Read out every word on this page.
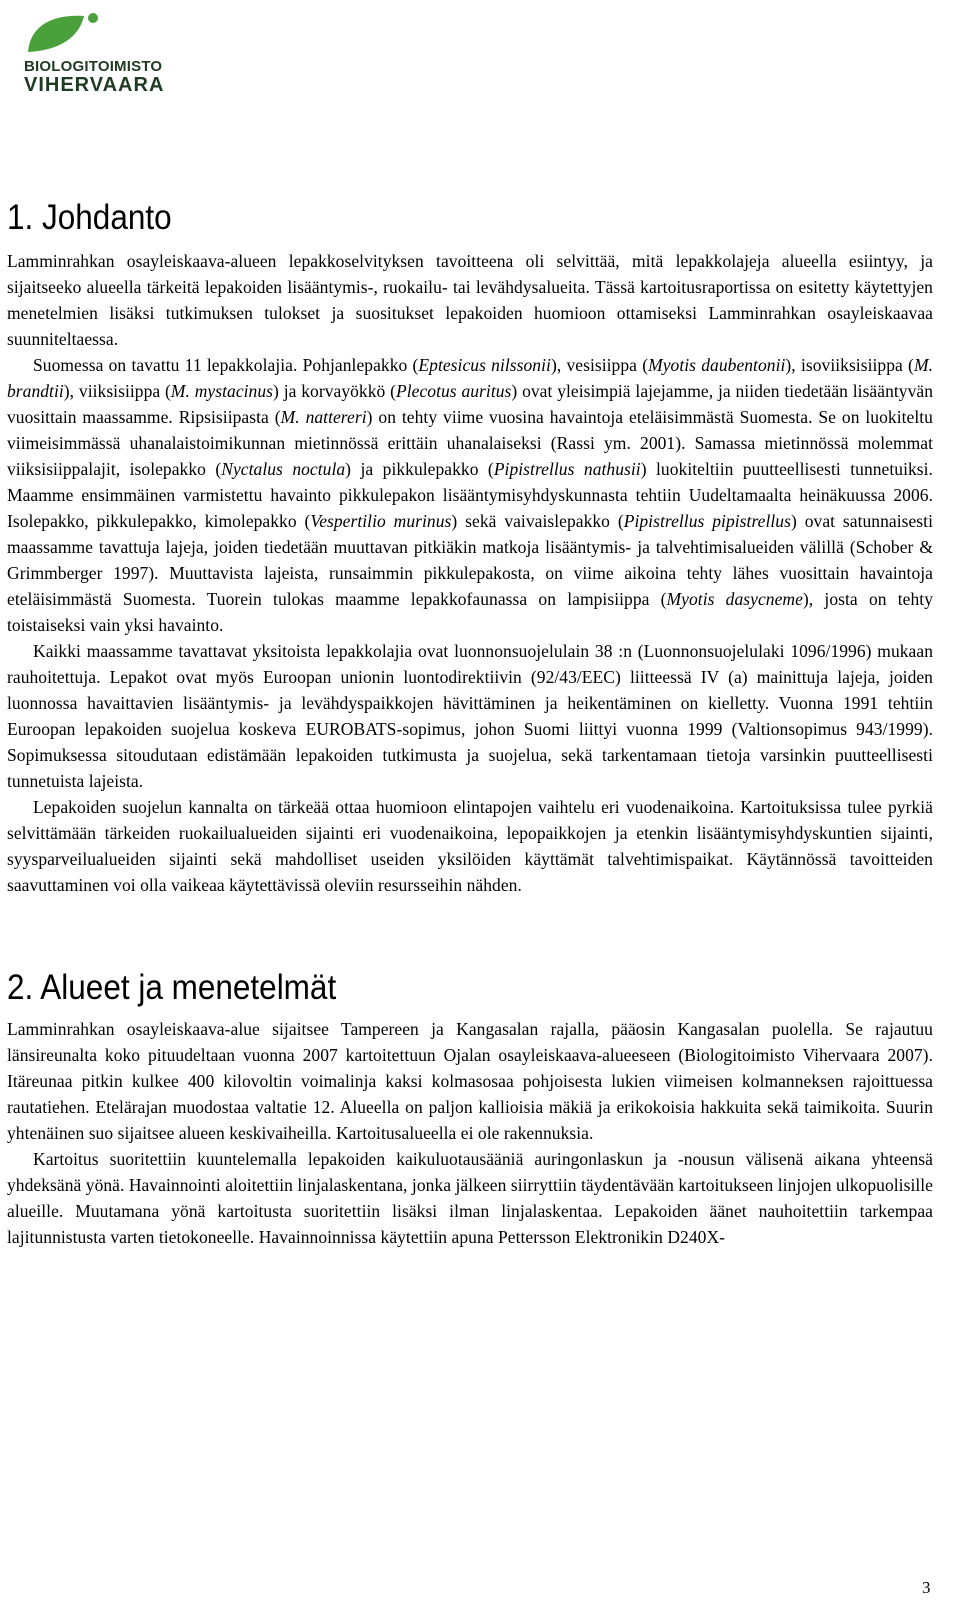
BIOLOGITOIMISTO
VIHERVAARA
1. Johdanto

Lamminrahkan osayleiskaava-alueen lepakkoselvityksen tavoitteena oli selvittää, mitä lepakkolajeja alueella esiintyy, ja sijaitseeko alueella tärkeitä lepakoiden lisääntymis-, ruokailu- tai levähdysalueita. Tässä kartoitusraportissa on esitetty käytettyjen menetelmien lisäksi tutkimuksen tulokset ja suositukset lepakoiden huomioon ottamiseksi Lamminrahkan osayleiskaavaa suunniteltaessa.

Suomessa on tavattu 11 lepakkolajia. Pohjanlepakko (Eptesicus nilssonii), vesisiippa (Myotis daubentonii), isoviiksisiippa (M. brandtii), viiksisiippa (M. mystacinus) ja korvayökkö (Plecotus auritus) ovat yleisimpiä lajejamme, ja niiden tiedetään lisääntyvän vuosittain maassamme. Ripsisiipasta (M. nattereri) on tehty viime vuosina havaintoja eteläisimmästä Suomesta. Se on luokiteltu viimeisimmässä uhanalaistoimikunnan mietinnössä erittäin uhanalaiseksi (Rassi ym. 2001). Samassa mietinnössä molemmat viiksisiippalajit, isolepakko (Nyctalus noctula) ja pikkulepakko (Pipistrellus nathusii) luokiteltiin puutteellisesti tunnetuiksi. Maamme ensimmäinen varmistettu havainto pikkulepakon lisääntymisyhdyskunnasta tehtiin Uudeltamaalta heinäkuussa 2006. Isolepakko, pikkulepakko, kimolepakko (Vespertilio murinus) sekä vaivaislepakko (Pipistrellus pipistrellus) ovat satunnaisesti maassamme tavattuja lajeja, joiden tiedetään muuttavan pitkiäkin matkoja lisääntymis- ja talvehtimisalueiden välillä (Schober & Grimmberger 1997). Muuttavista lajeista, runsaimmin pikkulepakosta, on viime aikoina tehty lähes vuosittain havaintoja eteläisimmästä Suomesta. Tuorein tulokas maamme lepakkofaunassa on lampisiippa (Myotis dasycneme), josta on tehty toistaiseksi vain yksi havainto.

Kaikki maassamme tavattavat yksitoista lepakkolajia ovat luonnonsuojelulain 38 :n (Luonnonsuojelulaki 1096/1996) mukaan rauhoitettuja. Lepakot ovat myös Euroopan unionin luontodirektiivin (92/43/EEC) liitteessä IV (a) mainittuja lajeja, joiden luonnossa havaittavien lisääntymis- ja levähdyspaikkojen hävittäminen ja heikentäminen on kielletty. Vuonna 1991 tehtiin Euroopan lepakoiden suojelua koskeva EUROBATS-sopimus, johon Suomi liittyi vuonna 1999 (Valtionsopimus 943/1999). Sopimuksessa sitoudutaan edistämään lepakoiden tutkimusta ja suojelua, sekä tarkentamaan tietoja varsinkin puutteellisesti tunnetuista lajeista.

Lepakoiden suojelun kannalta on tärkeää ottaa huomioon elintapojen vaihtelu eri vuodenaikoina. Kartoituksissa tulee pyrkiä selvittämään tärkeiden ruokailualueiden sijainti eri vuodenaikoina, lepopaikkojen ja etenkin lisääntymisyhdyskuntien sijainti, syysparveilualueiden sijainti sekä mahdolliset useiden yksilöiden käyttämät talvehtimispaikat. Käytännössä tavoitteiden saavuttaminen voi olla vaikeaa käytettävissä oleviin resursseihin nähden.

2. Alueet ja menetelmät

Lamminrahkan osayleiskaava-alue sijaitsee Tampereen ja Kangasalan rajalla, pääosin Kangasalan puolella. Se rajautuu länsireunalta koko pituudeltaan vuonna 2007 kartoitettuun Ojalan osayleiskaava-alueeseen (Biologitoimisto Vihervaara 2007). Itäreunaa pitkin kulkee 400 kilovoltin voimalinja kaksi kolmasosaa pohjoisesta lukien viimeisen kolmanneksen rajoittuessa rautatiehen. Etelärajan muodostaa valtatie 12. Alueella on paljon kallioisia mäkiä ja erikokoisia hakkuita sekä taimikoita. Suurin yhtenäinen suo sijaitsee alueen keskivaiheilla. Kartoitusalueella ei ole rakennuksia.

Kartoitus suoritettiin kuuntelemalla lepakoiden kaikuluotausääniä auringonlaskun ja -nousun välisenä aikana yhteensä yhdeksänä yönä. Havainnointi aloitettiin linjalaskentana, jonka jälkeen siirryttiin täydentävään kartoitukseen linjojen ulkopuolisille alueille. Muutamana yönä kartoitusta suoritettiin lisäksi ilman linjalaskentaa. Lepakoiden äänet nauhoitettiin tarkempaa lajitunnistusta varten tietokoneelle. Havainnoinnissa käytettiin apuna Pettersson Elektronikin D240X-

3
